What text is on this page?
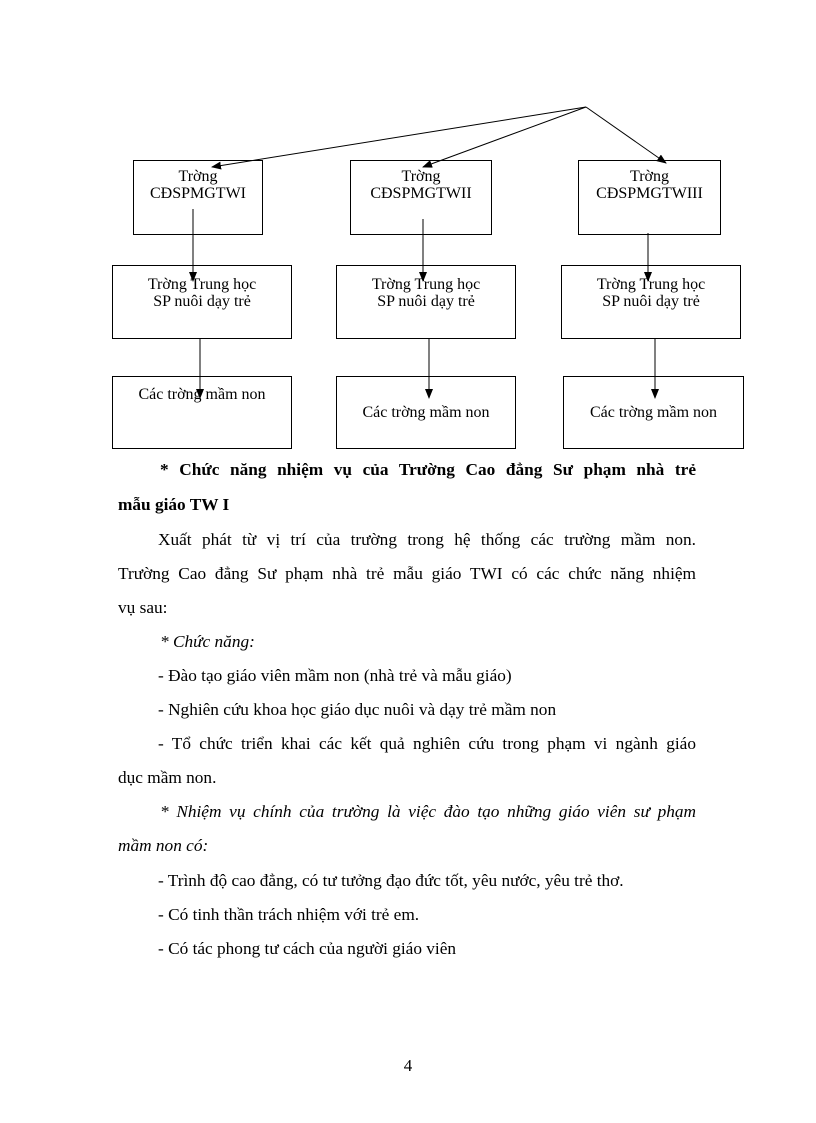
Trờng
CĐSPMGTWI
Trờng
CĐSPMGTWII
Trờng
CĐSPMGTWIII
Trờng Trung học
SP nuôi dạy trẻ
Trờng Trung học
SP nuôi dạy trẻ
Trờng Trung học
SP nuôi dạy trẻ
Các trờng mầm non
Các trờng mầm non	Các trờng mầm non
* Chức năng nhiệm vụ của Trường Cao đẳng Sư phạm nhà trẻ
mẫu giáo TW I
Xuất phát từ vị trí của trường trong hệ thống các trường mầm non.
Trường Cao đẳng Sư phạm nhà trẻ mẫu giáo TWI có các chức năng nhiệm
vụ sau:
* Chức năng:
- Đào tạo giáo viên mầm non (nhà trẻ và mẫu giáo)
- Nghiên cứu khoa học giáo dục nuôi và dạy trẻ mầm non
- Tổ chức triển khai các kết quả nghiên cứu trong phạm vi ngành giáo
dục mầm non.
* Nhiệm vụ chính của trường là việc đào tạo những giáo viên sư phạm
mầm non có:
- Trình độ cao đẳng, có tư tưởng đạo đức tốt, yêu nước, yêu trẻ thơ.
- Có tinh thần trách nhiệm với trẻ em.
- Có tác phong tư cách của người giáo viên
4
